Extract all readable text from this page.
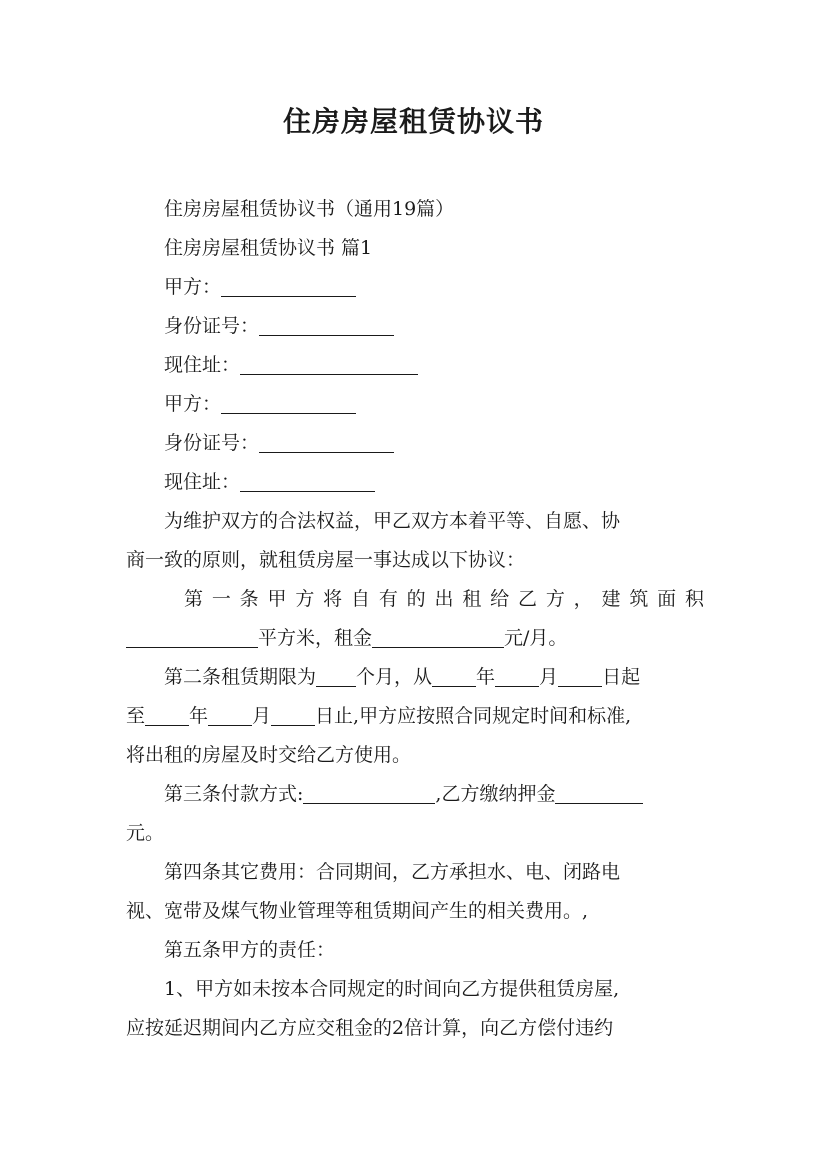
住房房屋租赁协议书

住房房屋租赁协议书（通用19篇）

住房房屋租赁协议书 篇1

甲方：

身份证号：

现住址：

甲方：

身份证号：

现住址：

为维护双方的合法权益，甲乙双方本着平等、自愿、协

商一致的原则，就租赁房屋一事达成以下协议：

第一条甲方将自有的出租给乙方，建筑面积

平方米，租金	元/月。

第二条租赁期限为 个月，从 年 月 日起

至 年 月 日止,甲方应按照合同规定时间和标准,

将出租的房屋及时交给乙方使用。

第三条付款方式:	,乙方缴纳押金

元。

第四条其它费用：合同期间，乙方承担水、电、闭路电

视、宽带及煤气物业管理等租赁期间产生的相关费用。,

第五条甲方的责任：

1、甲方如未按本合同规定的时间向乙方提供租赁房屋,

应按延迟期间内乙方应交租金的2倍计算，向乙方偿付违约
